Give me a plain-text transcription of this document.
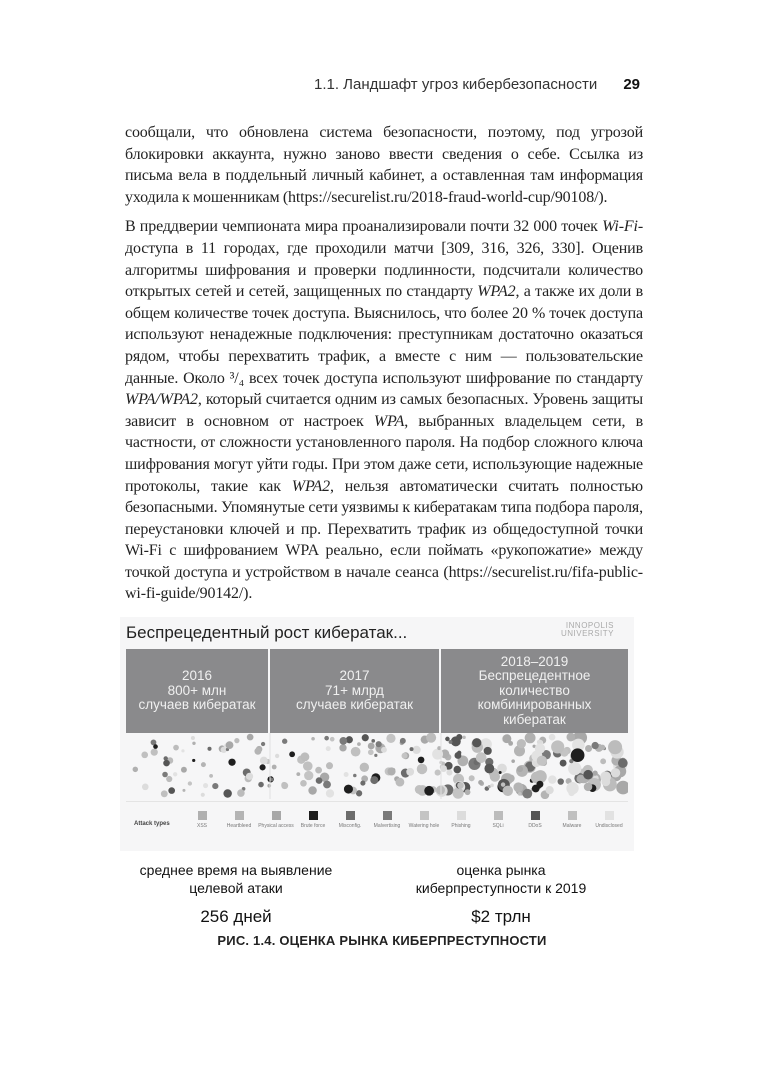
1.1. Ландшафт угроз кибербезопасности 29

сообщали, что обновлена система безопасности, поэтому, под угрозой блокировки аккаунта, нужно заново ввести сведения о себе. Ссылка из письма вела в поддельный личный кабинет, а оставленная там информация уходила к мошенникам (https://securelist.ru/2018-fraud-world-cup/90108/).

В преддверии чемпионата мира проанализировали почти 32 000 точек Wi-Fi-доступа в 11 городах, где проходили матчи [309, 316, 326, 330]. Оценив алгоритмы шифрования и проверки подлинности, подсчитали количество открытых сетей и сетей, защищенных по стандарту WPA2, а также их доли в общем количестве точек доступа. Выяснилось, что более 20 % точек доступа используют ненадежные подключения: преступникам достаточно оказаться рядом, чтобы перехватить трафик, а вместе с ним — пользовательские данные. Около ³/₄ всех точек доступа используют шифрование по стандарту WPA/WPA2, который считается одним из самых безопасных. Уровень защиты зависит в основном от настроек WPA, выбранных владельцем сети, в частности, от сложности установленного пароля. На подбор сложного ключа шифрования могут уйти годы. При этом даже сети, использующие надежные протоколы, такие как WPA2, нельзя автоматически считать полностью безопасными. Упомянутые сети уязвимы к кибератакам типа подбора пароля, переустановки ключей и пр. Перехватить трафик из общедоступной точки Wi-Fi с шифрованием WPA реально, если поймать «рукопожатие» между точкой доступа и устройством в начале сеанса (https://securelist.ru/fifa-public-wi-fi-guide/90142/).

Беспрецедентный рост кибератак...	INNOPOLIS
UNIVERSITY
2016
800+ млн
случаев кибератак
2017
71+ млрд
случаев кибератак
2018–2019
Беспрецедентное
количество
комбинированных
кибератак
Attack types	XSS	Heartbleed	Physical access	Brute force	Misconfig.	Malvertising	Watering hole	Phishing	SQLi	DDoS	Malware	Undisclosed
среднее время на выявление
целевой атаки
256 дней
оценка рынка
киберпреступности к 2019
$2 трлн
РИС. 1.4. ОЦЕНКА РЫНКА КИБЕРПРЕСТУПНОСТИ
